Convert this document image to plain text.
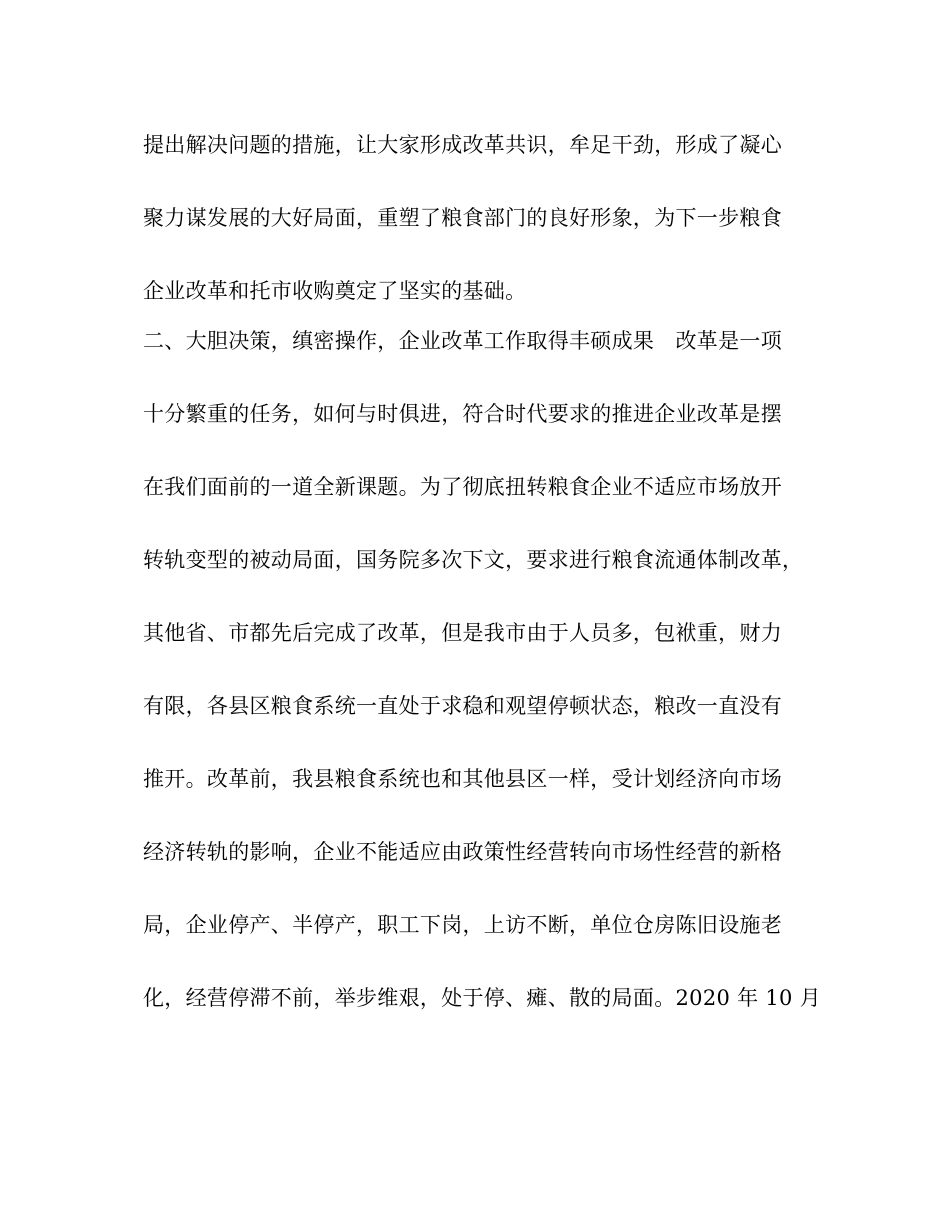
提出解决问题的措施，让大家形成改革共识，牟足干劲，形成了凝心
聚力谋发展的大好局面，重塑了粮食部门的良好形象，为下一步粮食
企业改革和托市收购奠定了坚实的基础。
二、大胆决策，缜密操作，企业改革工作取得丰硕成果　改革是一项
十分繁重的任务，如何与时俱进，符合时代要求的推进企业改革是摆
在我们面前的一道全新课题。为了彻底扭转粮食企业不适应市场放开
转轨变型的被动局面，国务院多次下文，要求进行粮食流通体制改革，
其他省、市都先后完成了改革，但是我市由于人员多，包袱重，财力
有限，各县区粮食系统一直处于求稳和观望停顿状态，粮改一直没有
推开。改革前，我县粮食系统也和其他县区一样，受计划经济向市场
经济转轨的影响，企业不能适应由政策性经营转向市场性经营的新格
局，企业停产、半停产，职工下岗，上访不断，单位仓房陈旧设施老
化，经营停滞不前，举步维艰，处于停、瘫、散的局面。2020 年 10 月
